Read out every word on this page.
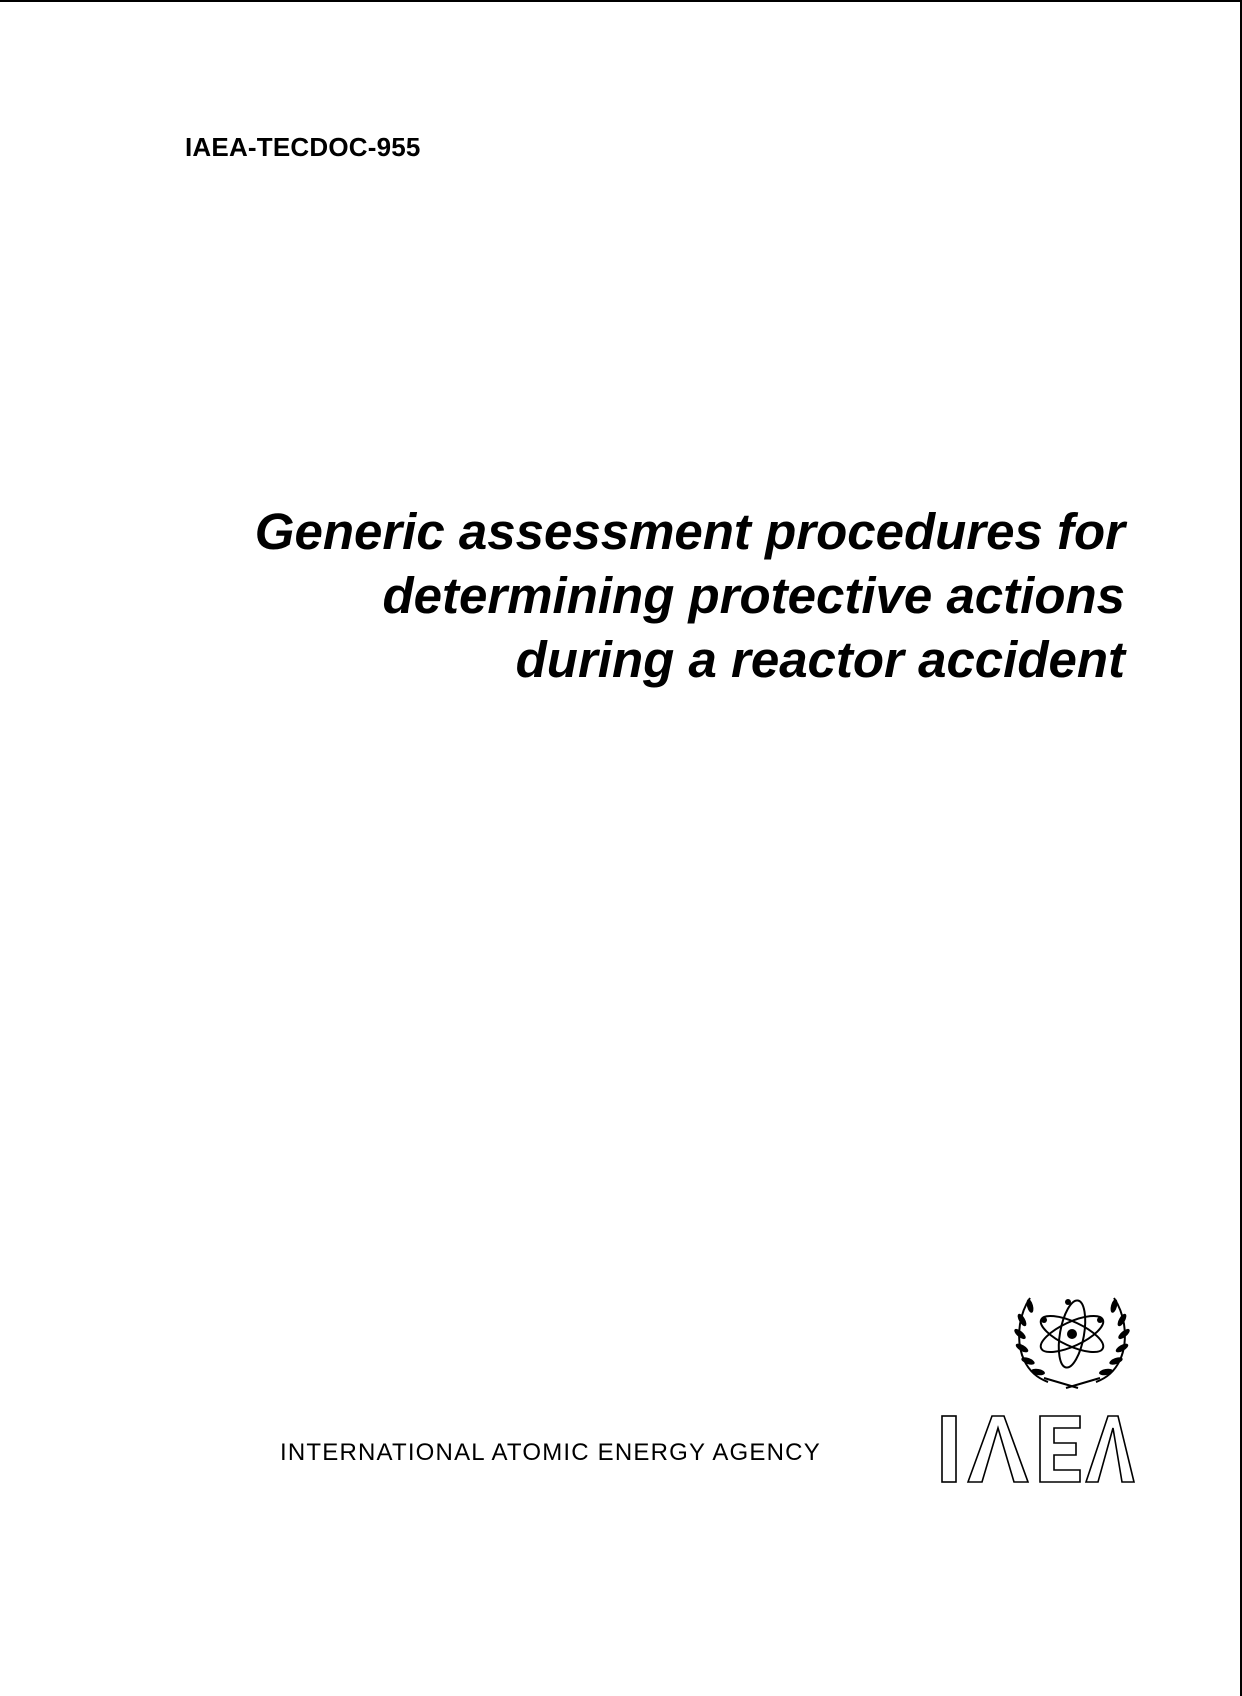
IAEA-TECDOC-955
Generic assessment procedures for
determining protective actions
during a reactor accident
INTERNATIONAL ATOMIC ENERGY AGENCY
